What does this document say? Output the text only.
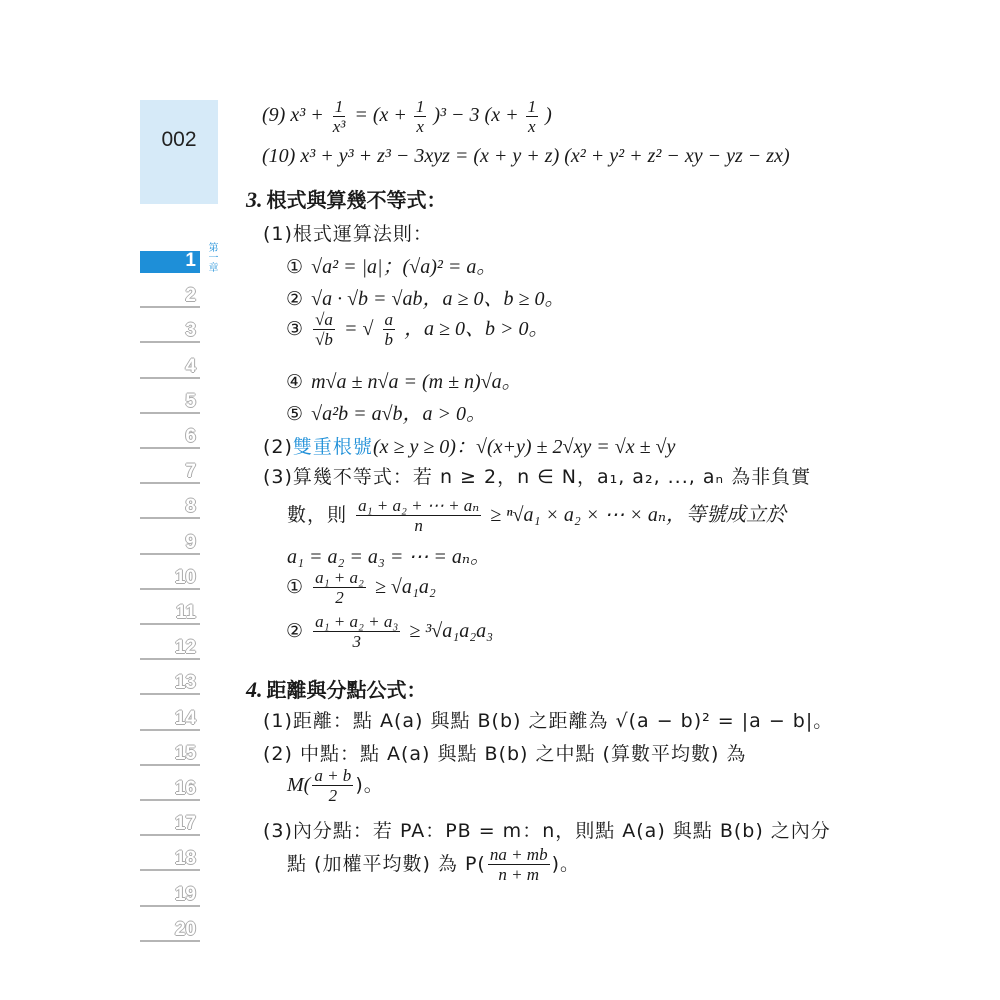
002
1
2
3
4
5
6
7
8
9
10
11
12
13
14
15
16
17
18
19
20
第一章
(9) $x^3 + \frac{1}{\text{x³}} = (x + \frac{1}{x} )^3 - 3$ ($x + \frac{1}{x}$ )
(10) x³ + y³ + z³ − 3xyz = (x + y + z) (x² + y² + z² − xy − yz − zx)
3. 根式與算幾不等式：
(1)根式運算法則：
① √a² = |a|；(√a)² = a。
② √a · √b = √ab，a ≥ 0、b ≥ 0。
③ $\frac{√a}{√b}$ = √ $\frac{a}{b}$ ，a ≥ 0、b > 0。
④ m√a ± n√a = (m ± n)√a。
⑤ √a²b = a√b，a > 0。
(2)雙重根號(x ≥ y ≥ 0)：√(x+y) ± 2√xy = √x ± √y
(3)算幾不等式：若 n ≥ 2，n ∈ N，a₁, a₂, ..., aₙ 為非負實
數，則 $\frac{\text{a₁ + a₂ + ⋯ + aₙ}}{n} \ge ^n√a_1 \times a_2$ × ⋯ × aₙ，等號成立於
a₁ = a₂ = a₃ = ⋯ = aₙ。
① $\frac{\text{a₁ + a₂}}{2} \ge √a_1a_2$
② $\frac{\text{a₁ + a₂ + a₃}}{3} \ge ^3√a_1a_2a_3$
4. 距離與分點公式：
(1)距離：點 A(a) 與點 B(b) 之距離為 √(a − b)² = |a − b|。
(2) 中點：點 A(a) 與點 B(b) 之中點 (算數平均數) 為
$M( \frac{a + b}{2}$ )。
(3)內分點：若 PA：PB = m：n，則點 A(a) 與點 B(b) 之內分
點 (加權平均數) 為 $P( \frac{na + mb}{n + m}$ )。
